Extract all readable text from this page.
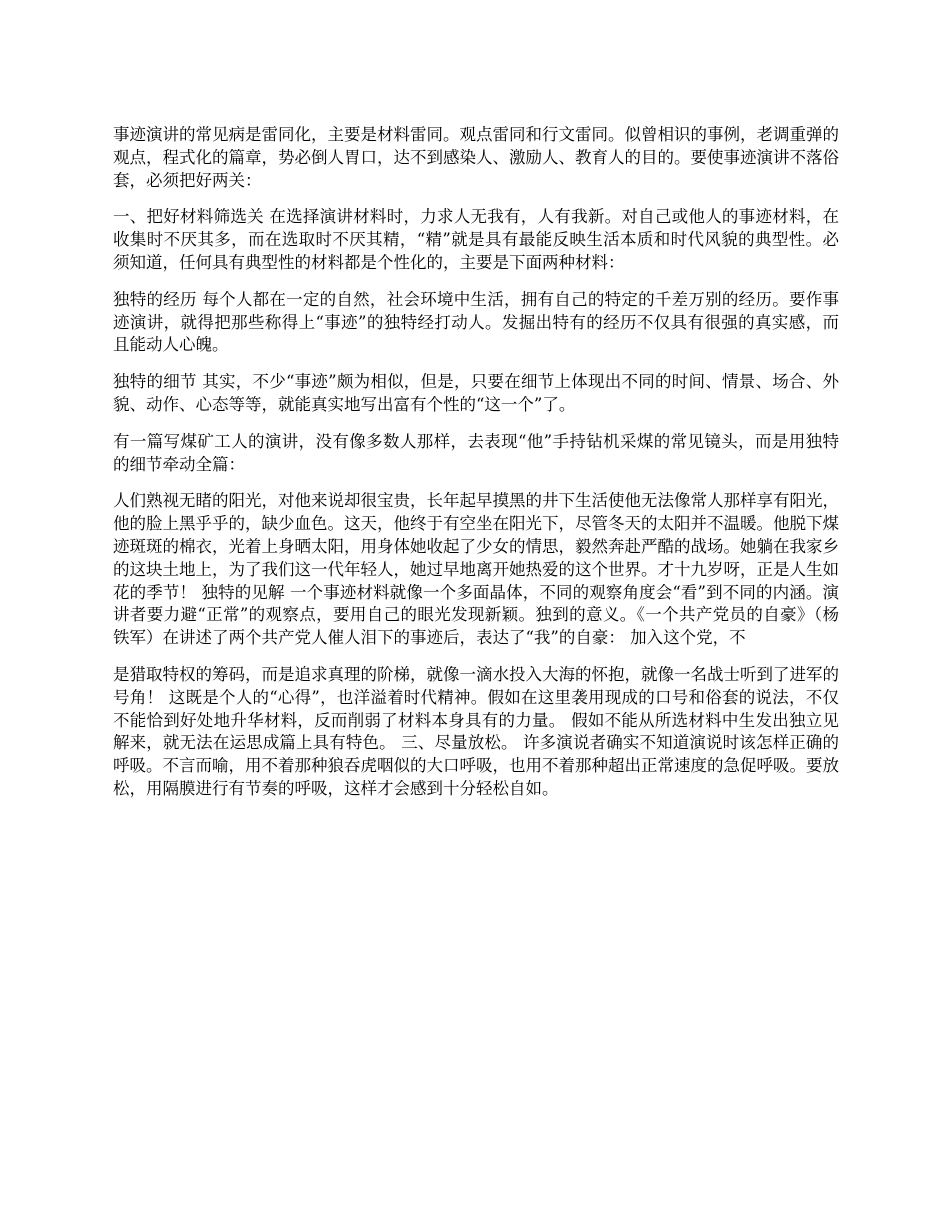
事迹演讲的常见病是雷同化，主要是材料雷同。观点雷同和行文雷同。似曾相识的事例，老调重弹的观点，程式化的篇章，势必倒人胃口，达不到感染人、激励人、教育人的目的。要使事迹演讲不落俗套，必须把好两关：

一、把好材料筛选关 在选择演讲材料时，力求人无我有，人有我新。对自己或他人的事迹材料，在收集时不厌其多，而在选取时不厌其精，“精”就是具有最能反映生活本质和时代风貌的典型性。必须知道，任何具有典型性的材料都是个性化的，主要是下面两种材料：

独特的经历 每个人都在一定的自然，社会环境中生活，拥有自己的特定的千差万别的经历。要作事迹演讲，就得把那些称得上“事迹”的独特经打动人。发掘出特有的经历不仅具有很强的真实感，而且能动人心魄。

独特的细节 其实，不少“事迹”颇为相似，但是，只要在细节上体现出不同的时间、情景、场合、外貌、动作、心态等等，就能真实地写出富有个性的“这一个”了。

有一篇写煤矿工人的演讲，没有像多数人那样，去表现“他”手持钻机采煤的常见镜头，而是用独特的细节牵动全篇：

人们熟视无睹的阳光，对他来说却很宝贵，长年起早摸黑的井下生活使他无法像常人那样享有阳光，他的脸上黑乎乎的，缺少血色。这天，他终于有空坐在阳光下，尽管冬天的太阳并不温暖。他脱下煤迹斑斑的棉衣，光着上身晒太阳，用身体她收起了少女的情思，毅然奔赴严酷的战场。她躺在我家乡的这块土地上，为了我们这一代年轻人，她过早地离开她热爱的这个世界。才十九岁呀，正是人生如花的季节！ 独特的见解 一个事迹材料就像一个多面晶体，不同的观察角度会“看”到不同的内涵。演讲者要力避“正常”的观察点，要用自己的眼光发现新颖。独到的意义。《一个共产党员的自豪》（杨铁军）在讲述了两个共产党人催人泪下的事迹后，表达了“我”的自豪： 加入这个党，不

是猎取特权的筹码，而是追求真理的阶梯，就像一滴水投入大海的怀抱，就像一名战士听到了进军的号角！ 这既是个人的“心得”，也洋溢着时代精神。假如在这里袭用现成的口号和俗套的说法，不仅不能恰到好处地升华材料，反而削弱了材料本身具有的力量。 假如不能从所选材料中生发出独立见解来，就无法在运思成篇上具有特色。 三、尽量放松。 许多演说者确实不知道演说时该怎样正确的呼吸。不言而喻，用不着那种狼吞虎咽似的大口呼吸，也用不着那种超出正常速度的急促呼吸。要放松，用隔膜进行有节奏的呼吸，这样才会感到十分轻松自如。
